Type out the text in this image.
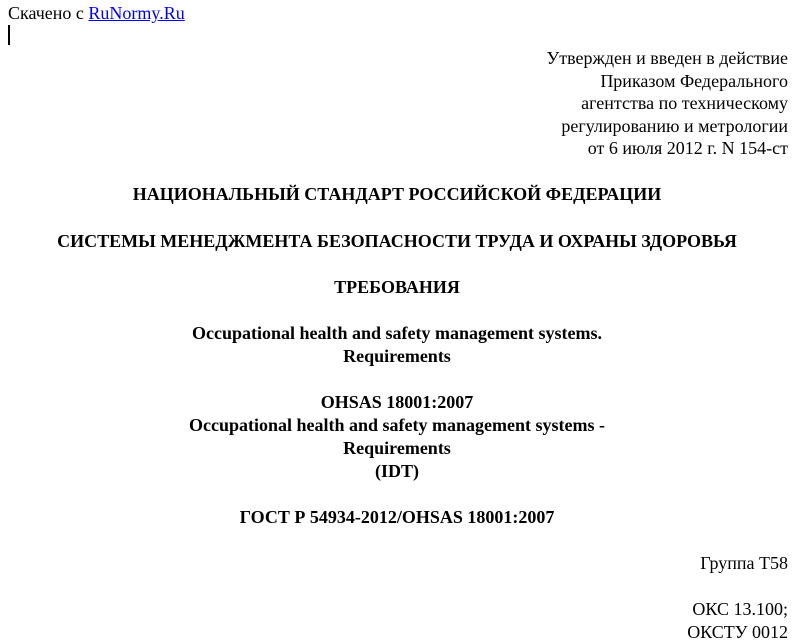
Скачено с RuNormy.Ru
Утвержден и введен в действие
Приказом Федерального
агентства по техническому
регулированию и метрологии
от 6 июля 2012 г. N 154-ст
НАЦИОНАЛЬНЫЙ СТАНДАРТ РОССИЙСКОЙ ФЕДЕРАЦИИ
СИСТЕМЫ МЕНЕДЖМЕНТА БЕЗОПАСНОСТИ ТРУДА И ОХРАНЫ ЗДОРОВЬЯ
ТРЕБОВАНИЯ
Occupational health and safety management systems.
Requirements
OHSAS 18001:2007
Occupational health and safety management systems -
Requirements
(IDT)
ГОСТ Р 54934-2012/OHSAS 18001:2007
Группа Т58
ОКС 13.100;
ОКСТУ 0012
